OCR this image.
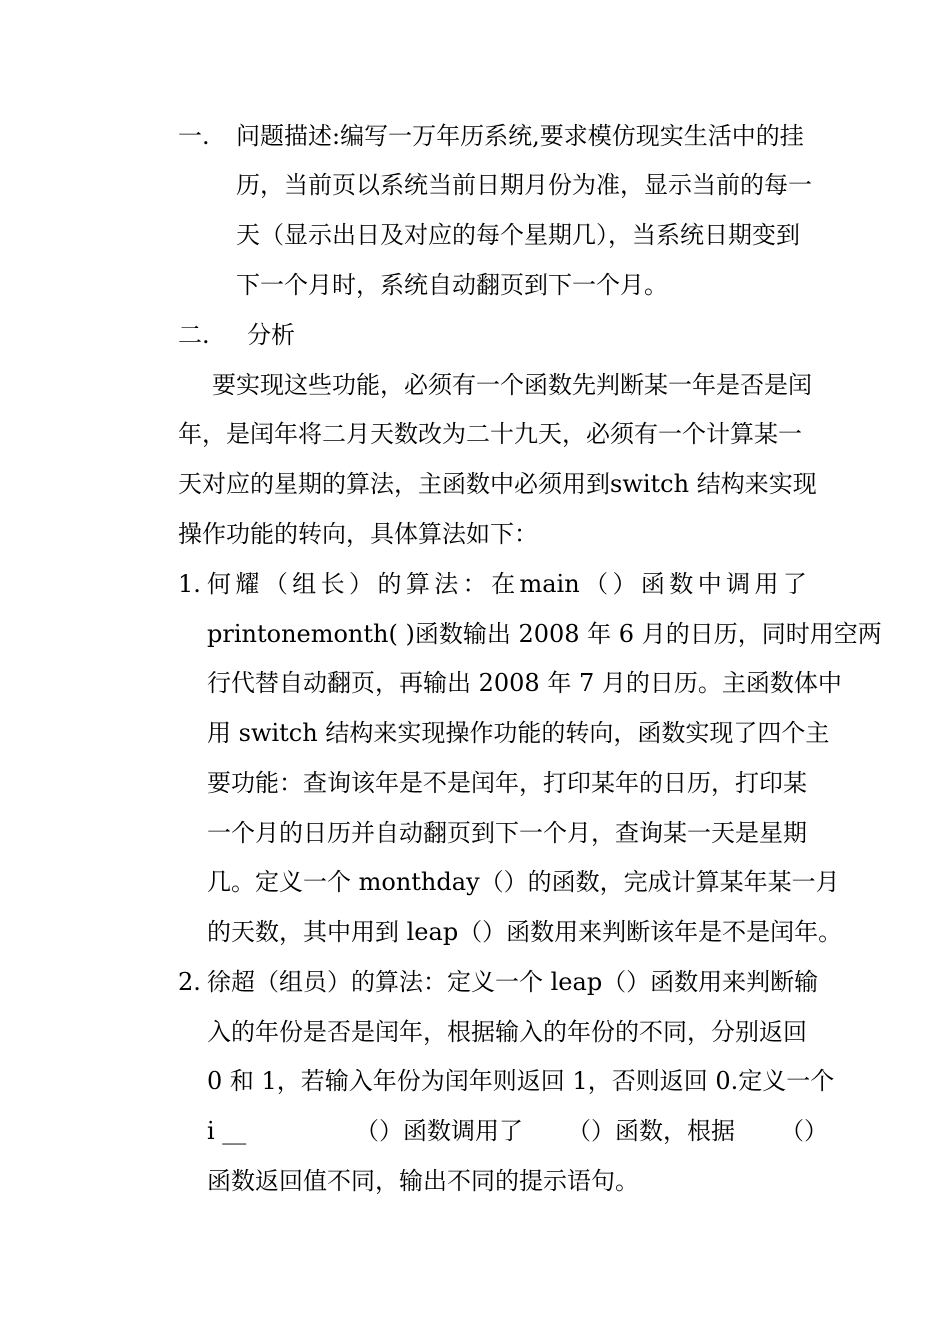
一. 问题描述:编写一万年历系统,要求模仿现实生活中的挂
历，当前页以系统当前日期月份为准，显示当前的每一
天（显示出日及对应的每个星期几），当系统日期变到
下一个月时，系统自动翻页到下一个月。
二. 分析
要实现这些功能，必须有一个函数先判断某一年是否是闰
年，是闰年将二月天数改为二十九天，必须有一个计算某一
天对应的星期的算法，主函数中必须用到switch 结构来实现
操作功能的转向，具体算法如下：
1. 何 耀 （ 组 长 ） 的 算 法 ： 在 main （ ） 函 数 中 调 用 了
printonemonth( )函数输出 2008 年 6 月的日历，同时用空两
行代替自动翻页，再输出 2008 年 7 月的日历。主函数体中
用 switch 结构来实现操作功能的转向，函数实现了四个主
要功能：查询该年是不是闰年，打印某年的日历，打印某
一个月的日历并自动翻页到下一个月，查询某一天是星期
几。定义一个 monthday（）的函数，完成计算某年某一月
的天数，其中用到 leap（）函数用来判断该年是不是闰年。
2. 徐超（组员）的算法：定义一个 leap（）函数用来判断输
入的年份是否是闰年，根据输入的年份的不同，分别返回
0 和 1，若输入年份为闰年则返回 1，否则返回 0.定义一个
i __	（）函数调用了 （）函数，根据 （）
函数返回值不同，输出不同的提示语句。
